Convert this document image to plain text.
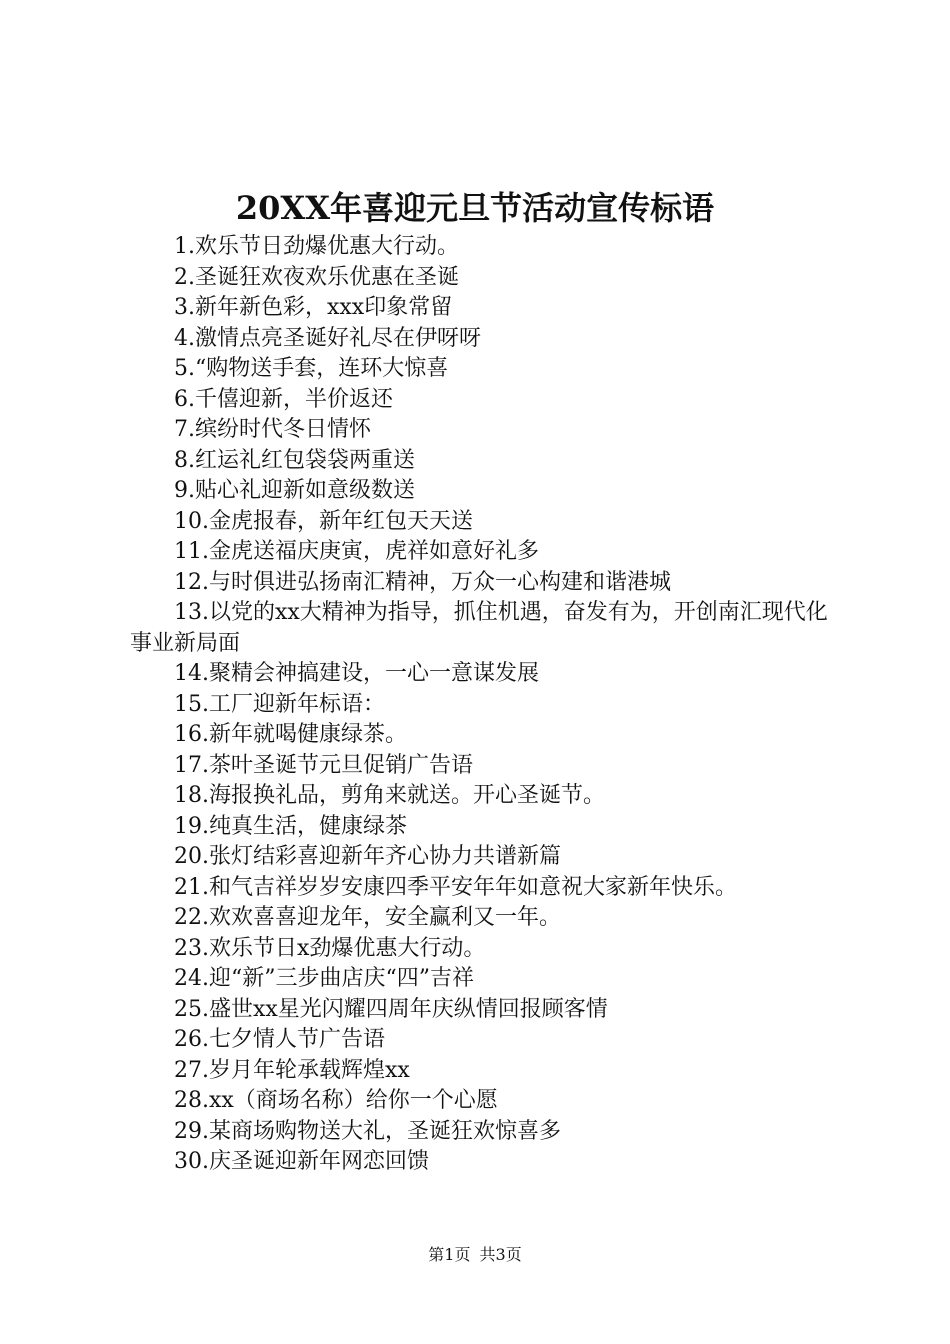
20XX年喜迎元旦节活动宣传标语
1.欢乐节日劲爆优惠大行动。
2.圣诞狂欢夜欢乐优惠在圣诞
3.新年新色彩，xxx印象常留
4.激情点亮圣诞好礼尽在伊呀呀
5.“购物送手套，连环大惊喜
6.千僖迎新，半价返还
7.缤纷时代冬日情怀
8.红运礼红包袋袋两重送
9.贴心礼迎新如意级数送
10.金虎报春，新年红包天天送
11.金虎送福庆庚寅，虎祥如意好礼多
12.与时俱进弘扬南汇精神，万众一心构建和谐港城
13.以党的xx大精神为指导，抓住机遇，奋发有为，开创南汇现代化事业新局面
14.聚精会神搞建设，一心一意谋发展
15.工厂迎新年标语：
16.新年就喝健康绿茶。
17.茶叶圣诞节元旦促销广告语
18.海报换礼品，剪角来就送。开心圣诞节。
19.纯真生活，健康绿茶
20.张灯结彩喜迎新年齐心协力共谱新篇
21.和气吉祥岁岁安康四季平安年年如意祝大家新年快乐。
22.欢欢喜喜迎龙年，安全赢利又一年。
23.欢乐节日x劲爆优惠大行动。
24.迎“新”三步曲店庆“四”吉祥
25.盛世xx星光闪耀四周年庆纵情回报顾客情
26.七夕情人节广告语
27.岁月年轮承载辉煌xx
28.xx（商场名称）给你一个心愿
29.某商场购物送大礼，圣诞狂欢惊喜多
30.庆圣诞迎新年网恋回馈
第1页 共3页
